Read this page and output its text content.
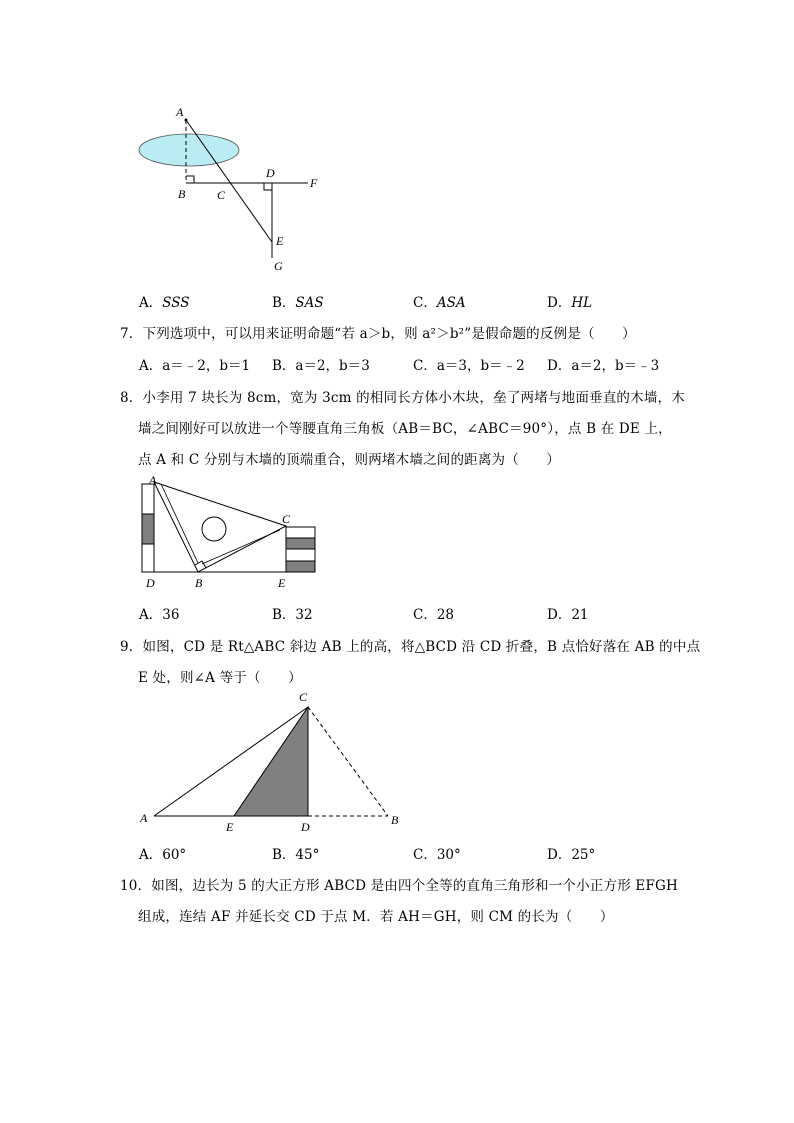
A
B	C
D
F
E
G
A．SSS	B．SAS	C．ASA	D．HL
7．下列选项中，可以用来证明命题“若 a＞b，则 a²＞b²”是假命题的反例是（　　）
A．a＝﹣2，b＝1 B．a＝2，b＝3	C．a＝3，b＝﹣2 D．a＝2，b＝﹣3
8．小李用 7 块长为 8cm，宽为 3cm 的相同长方体小木块，垒了两堵与地面垂直的木墙，木
墙之间刚好可以放进一个等腰直角三角板（AB＝BC，∠ABC＝90°），点 B 在 DE 上，
点 A 和 C 分别与木墙的顶端重合，则两堵木墙之间的距离为（　　）
A
C
D	B	E
A．36	B．32	C．28	D．21
9．如图，CD 是 Rt△ABC 斜边 AB 上的高，将△BCD 沿 CD 折叠，B 点恰好落在 AB 的中点
E 处，则∠A 等于（　　）
C
A
E	D	B
A．60°	B．45°	C．30°	D．25°
10．如图，边长为 5 的大正方形 ABCD 是由四个全等的直角三角形和一个小正方形 EFGH
组成，连结 AF 并延长交 CD 于点 M．若 AH＝GH，则 CM 的长为（　　）
